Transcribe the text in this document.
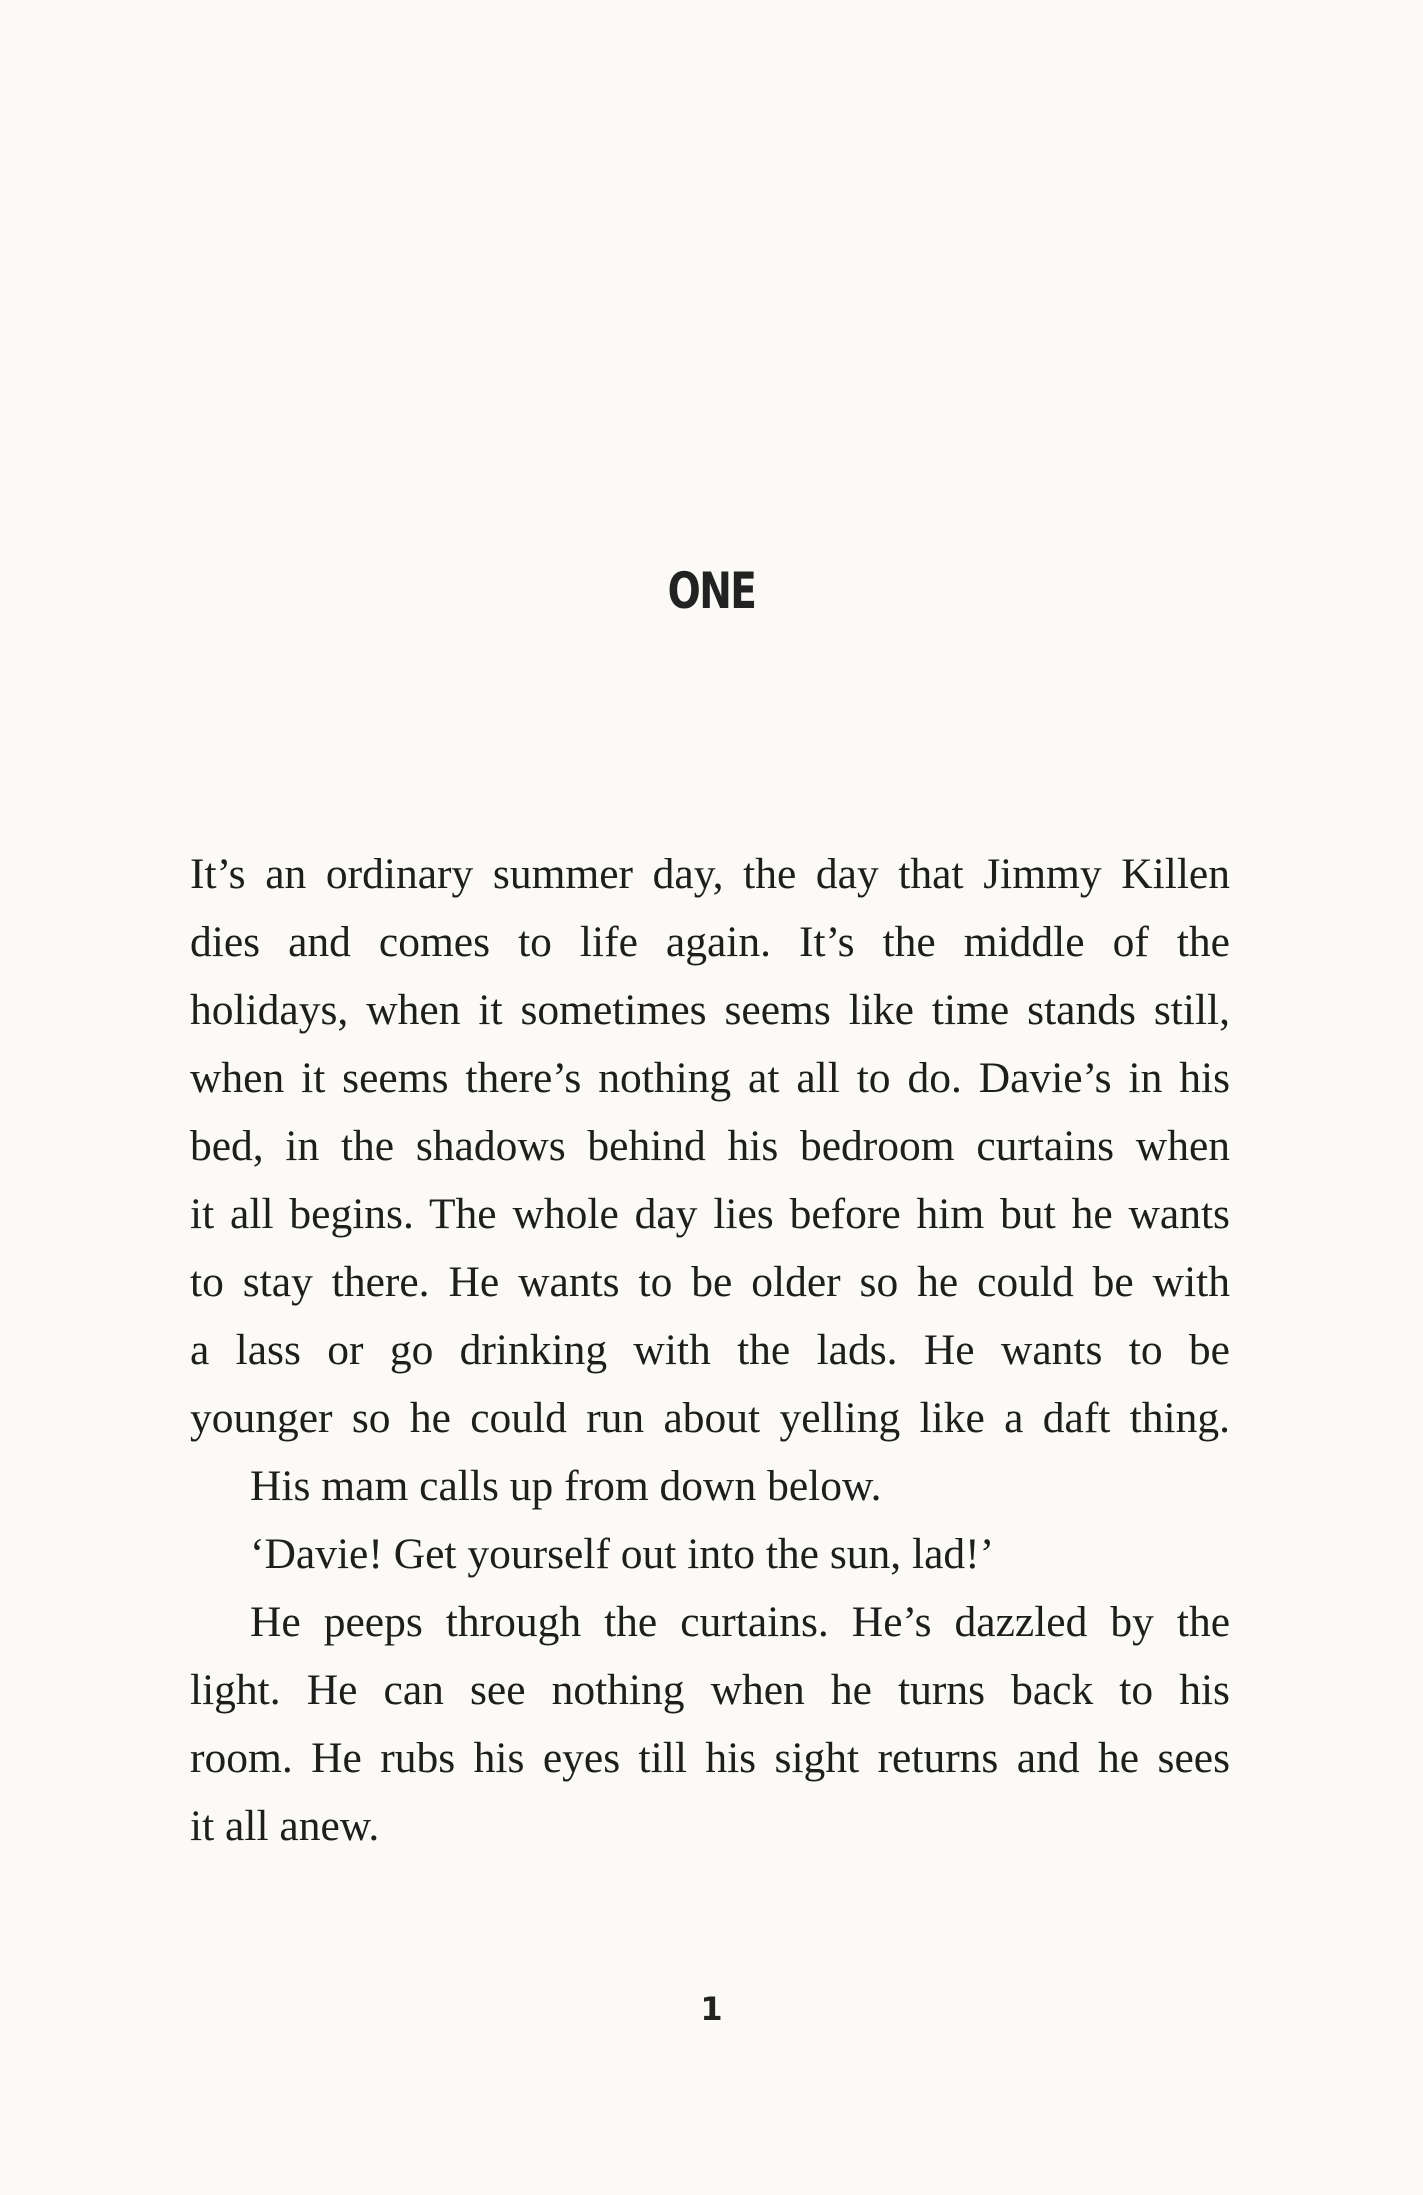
ONE
It’s an ordinary summer day, the day that Jimmy Killen
dies and comes to life again. It’s the middle of the
holidays, when it sometimes seems like time stands still,
when it seems there’s nothing at all to do. Davie’s in his
bed, in the shadows behind his bedroom curtains when
it all begins. The whole day lies before him but he wants
to stay there. He wants to be older so he could be with
a lass or go drinking with the lads. He wants to be
younger so he could run about yelling like a daft thing.
His mam calls up from down below.
‘Davie! Get yourself out into the sun, lad!’
He peeps through the curtains. He’s dazzled by the
light. He can see nothing when he turns back to his
room. He rubs his eyes till his sight returns and he sees
it all anew.
1
